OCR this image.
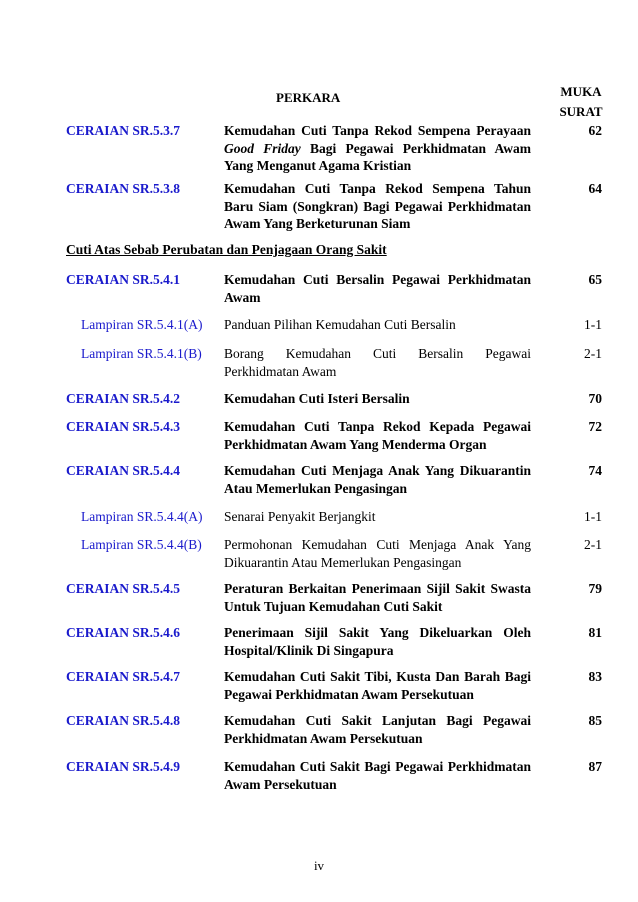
PERKARA	MUKA
SURAT
CERAIAN SR.5.3.7	Kemudahan Cuti Tanpa Rekod Sempena Perayaan Good Friday Bagi Pegawai Perkhidmatan Awam Yang Menganut Agama Kristian
62
CERAIAN SR.5.3.8	Kemudahan Cuti Tanpa Rekod Sempena Tahun Baru Siam (Songkran) Bagi Pegawai Perkhidmatan Awam Yang Berketurunan Siam
64
Cuti Atas Sebab Perubatan dan Penjagaan Orang Sakit
CERAIAN SR.5.4.1	Kemudahan Cuti Bersalin Pegawai Perkhidmatan Awam
65
Lampiran SR.5.4.1(A) Panduan Pilihan Kemudahan Cuti Bersalin	1-1
Lampiran SR.5.4.1(B) Borang Kemudahan Cuti Bersalin Pegawai Perkhidmatan Awam
2-1
CERAIAN SR.5.4.2	Kemudahan Cuti Isteri Bersalin	70
CERAIAN SR.5.4.3	Kemudahan Cuti Tanpa Rekod Kepada Pegawai Perkhidmatan Awam Yang Menderma Organ
72
CERAIAN SR.5.4.4	Kemudahan Cuti Menjaga Anak Yang Dikuarantin Atau Memerlukan Pengasingan
74
Lampiran SR.5.4.4(A) Senarai Penyakit Berjangkit	1-1
Lampiran SR.5.4.4(B) Permohonan Kemudahan Cuti Menjaga Anak Yang Dikuarantin Atau Memerlukan Pengasingan
2-1
CERAIAN SR.5.4.5	Peraturan Berkaitan Penerimaan Sijil Sakit Swasta Untuk Tujuan Kemudahan Cuti Sakit
79
CERAIAN SR.5.4.6	Penerimaan Sijil Sakit Yang Dikeluarkan Oleh Hospital/Klinik Di Singapura
81
CERAIAN SR.5.4.7	Kemudahan Cuti Sakit Tibi, Kusta Dan Barah Bagi Pegawai Perkhidmatan Awam Persekutuan
83
CERAIAN SR.5.4.8	Kemudahan Cuti Sakit Lanjutan Bagi Pegawai Perkhidmatan Awam Persekutuan
85
CERAIAN SR.5.4.9	Kemudahan Cuti Sakit Bagi Pegawai Perkhidmatan Awam Persekutuan
87
iv
